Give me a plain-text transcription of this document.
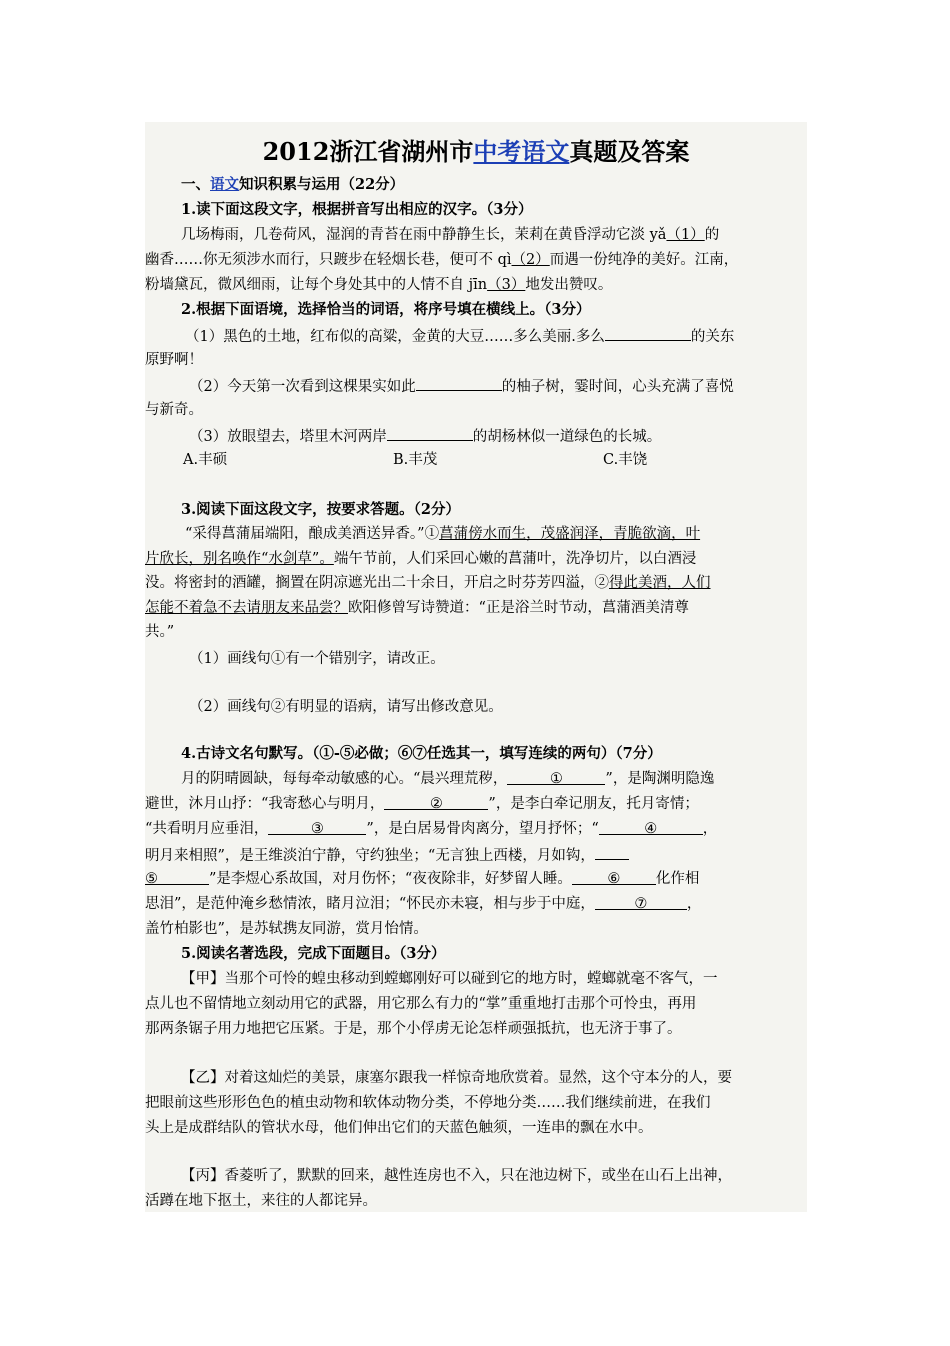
2012浙江省湖州市中考语文真题及答案
一、语文知识积累与运用（22分）
1.读下面这段文字，根据拼音写出相应的汉字。（3分）
几场梅雨，几卷荷风，湿润的青苔在雨中静静生长，茉莉在黄昏浮动它淡 yǎ（1）的
幽香……你无须涉水而行，只踱步在轻烟长巷，便可不 qì（2）而遇一份纯净的美好。江南，
粉墙黛瓦，微风细雨，让每个身处其中的人情不自 jīn（3）地发出赞叹。
2.根据下面语境，选择恰当的词语，将序号填在横线上。（3分）
（1）黑色的土地，红布似的高粱，金黄的大豆……多么美丽.多么	的关东
原野啊！
（2）今天第一次看到这棵果实如此	的柚子树，霎时间，心头充满了喜悦
与新奇。
（3）放眼望去，塔里木河两岸	的胡杨林似一道绿色的长城。
A.丰硕	B.丰茂	C.丰饶
3.阅读下面这段文字，按要求答题。（2分）
“采得菖蒲届端阳，酿成美酒送异香。”①菖蒲傍水而生，茂盛润泽，青脆欲滴，叶
片欣长，别名唤作“水剑草”。端午节前，人们采回心嫩的菖蒲叶，洗净切片，以白酒浸
没。将密封的酒罐，搁置在阴凉遮光出二十余日，开启之时芬芳四溢，②得此美酒，人们
怎能不着急不去请朋友来品尝？欧阳修曾写诗赞道：“正是浴兰时节动，菖蒲酒美清尊
共。”
（1）画线句①有一个错别字，请改正。
（2）画线句②有明显的语病，请写出修改意见。
4.古诗文名句默写。（①-⑤必做；⑥⑦任选其一，填写连续的两句）（7分）
月的阴晴圆缺，每每牵动敏感的心。“晨兴理荒秽，	①	”，是陶渊明隐逸
避世，沐月山抒：“我寄愁心与明月，	②	”，是李白牵记朋友，托月寄情；
“共看明月应垂泪，	③	”，是白居易骨肉离分，望月抒怀；“	④	，
明月来相照”，是王维淡泊宁静，守约独坐；“无言独上西楼，月如钩，
⑤	”是李煜心系故国，对月伤怀；“夜夜除非，好梦留人睡。 ⑥ 化作相
思泪”，是范仲淹乡愁情浓，睹月泣泪；“怀民亦未寝，相与步于中庭，	⑦	，
盖竹柏影也”，是苏轼携友同游，赏月怡情。
5.阅读名著选段，完成下面题目。（3分）
【甲】当那个可怜的蝗虫移动到螳螂刚好可以碰到它的地方时，螳螂就毫不客气，一
点儿也不留情地立刻动用它的武器，用它那么有力的“掌”重重地打击那个可怜虫，再用
那两条锯子用力地把它压紧。于是，那个小俘虏无论怎样顽强抵抗，也无济于事了。
【乙】对着这灿烂的美景，康塞尔跟我一样惊奇地欣赏着。显然，这个守本分的人，要
把眼前这些形形色色的植虫动物和软体动物分类，不停地分类……我们继续前进，在我们
头上是成群结队的管状水母，他们伸出它们的天蓝色触须，一连串的飘在水中。
【丙】香菱听了，默默的回来，越性连房也不入，只在池边树下，或坐在山石上出神，
活蹲在地下抠土，来往的人都诧异。
